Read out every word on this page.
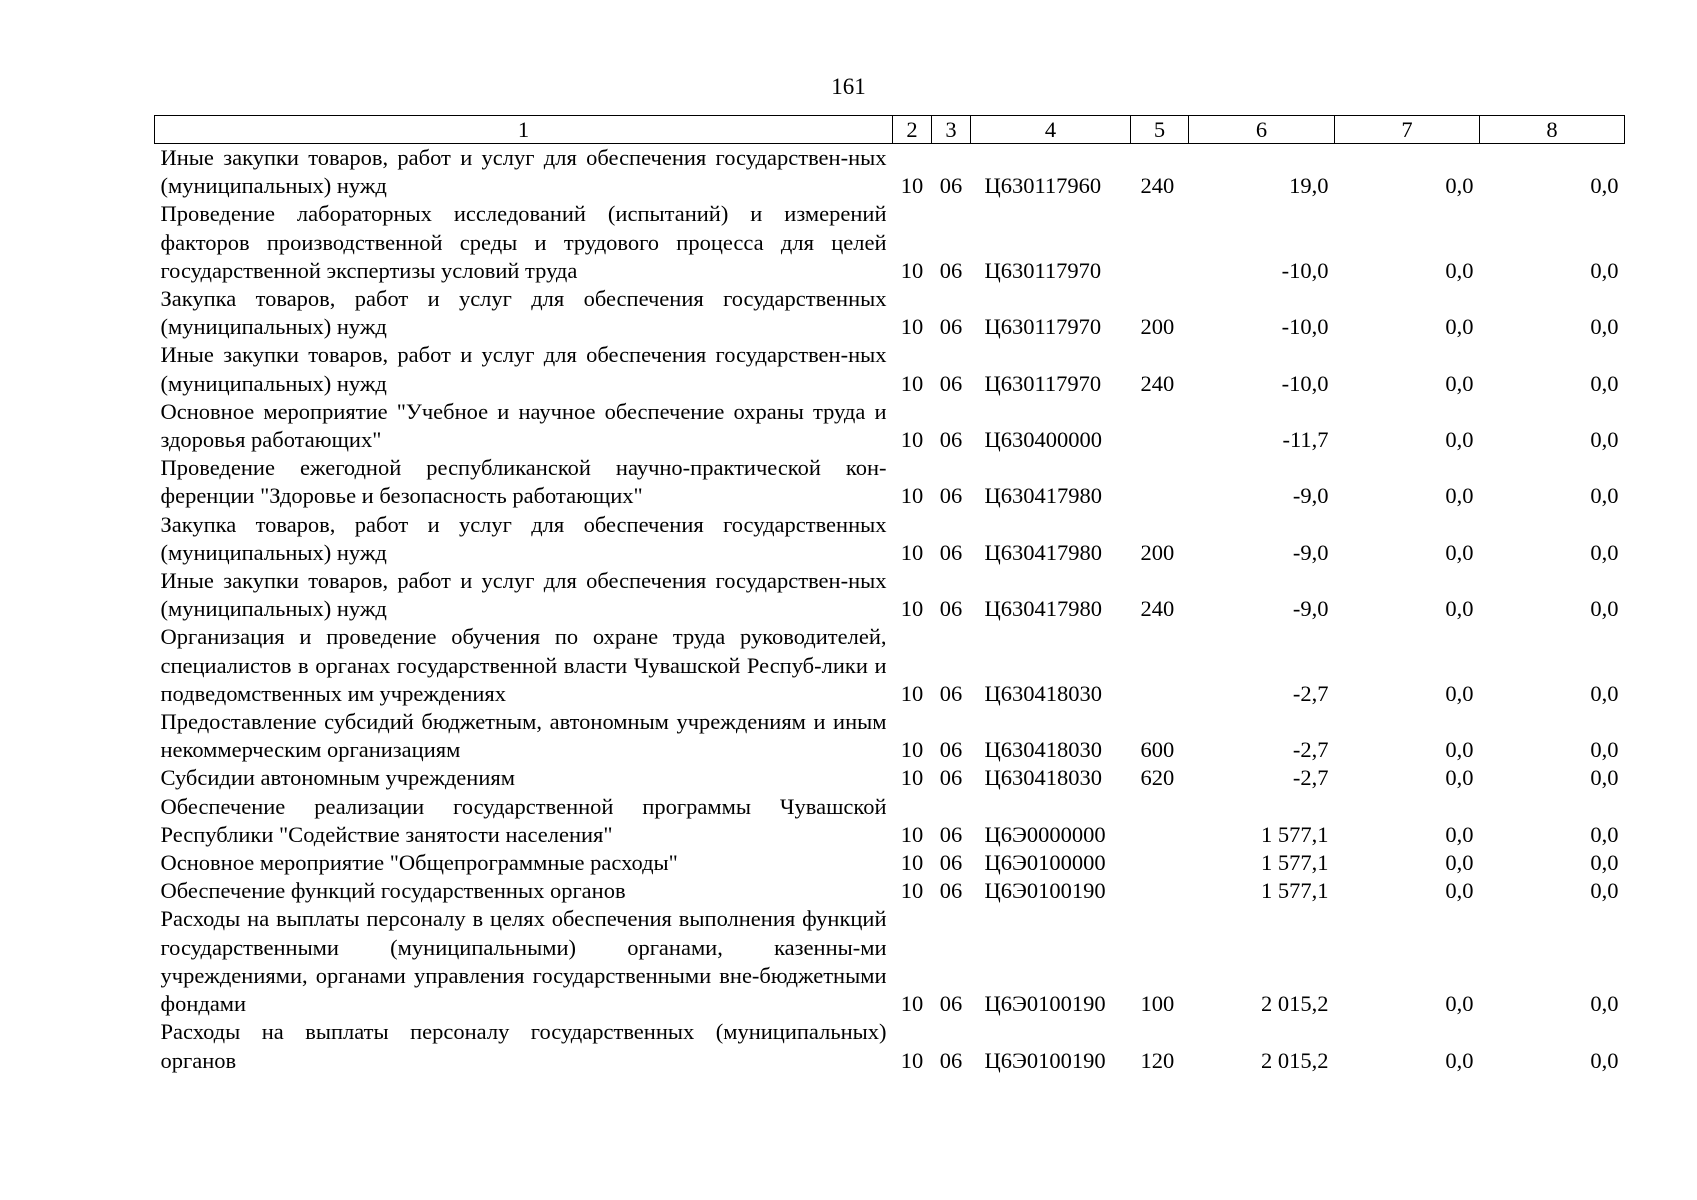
161
1	2	3	4	5	6	7	8
Иные закупки товаров, работ и услуг для обеспечения государствен-ных (муниципальных) нужд	10	06	Ц630117960	240	19,0	0,0	0,0
Проведение лабораторных исследований (испытаний) и измерений факторов производственной среды и трудового процесса для целей государственной экспертизы условий труда	10	06	Ц630117970		-10,0	0,0	0,0
Закупка товаров, работ и услуг для обеспечения государственных (муниципальных) нужд	10	06	Ц630117970	200	-10,0	0,0	0,0
Иные закупки товаров, работ и услуг для обеспечения государствен-ных (муниципальных) нужд	10	06	Ц630117970	240	-10,0	0,0	0,0
Основное мероприятие "Учебное и научное обеспечение охраны труда и здоровья работающих"	10	06	Ц630400000		-11,7	0,0	0,0
Проведение ежегодной республиканской научно-практической кон-ференции "Здоровье и безопасность работающих"	10	06	Ц630417980		-9,0	0,0	0,0
Закупка товаров, работ и услуг для обеспечения государственных (муниципальных) нужд	10	06	Ц630417980	200	-9,0	0,0	0,0
Иные закупки товаров, работ и услуг для обеспечения государствен-ных (муниципальных) нужд	10	06	Ц630417980	240	-9,0	0,0	0,0
Организация и проведение обучения по охране труда руководителей, специалистов в органах государственной власти Чувашской Респуб-лики и подведомственных им учреждениях	10	06	Ц630418030		-2,7	0,0	0,0
Предоставление субсидий бюджетным, автономным учреждениям и иным некоммерческим организациям	10	06	Ц630418030	600	-2,7	0,0	0,0
Субсидии автономным учреждениям	10	06	Ц630418030	620	-2,7	0,0	0,0
Обеспечение реализации государственной программы Чувашской Республики "Содействие занятости населения"	10	06	Ц6Э0000000		1 577,1	0,0	0,0
Основное мероприятие "Общепрограммные расходы"	10	06	Ц6Э0100000		1 577,1	0,0	0,0
Обеспечение функций государственных органов	10	06	Ц6Э0100190		1 577,1	0,0	0,0
Расходы на выплаты персоналу в целях обеспечения выполнения функций государственными (муниципальными) органами, казенны-ми учреждениями, органами управления государственными вне-бюджетными фондами	10	06	Ц6Э0100190	100	2 015,2	0,0	0,0
Расходы на выплаты персоналу государственных (муниципальных) органов	10	06	Ц6Э0100190	120	2 015,2	0,0	0,0
